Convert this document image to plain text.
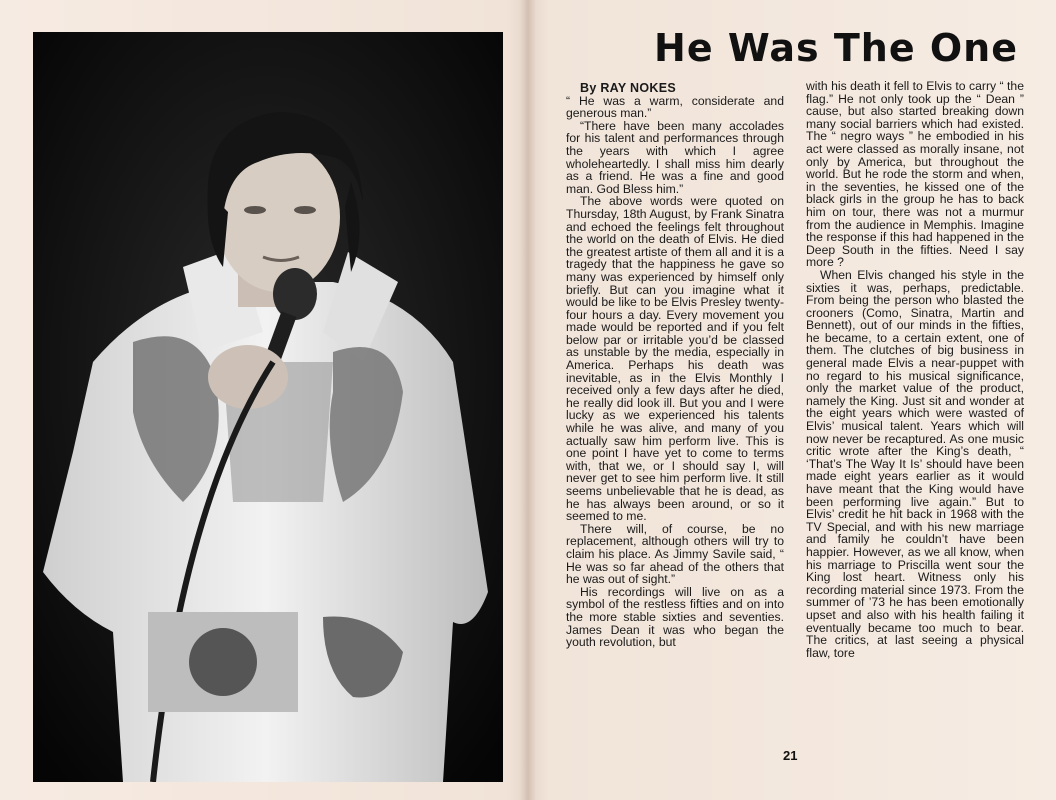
He Was The One

By RAY NOKES

“ He was a warm, considerate and generous man.”

“There have been many accolades for his talent and performances through the years with which I agree wholeheartedly. I shall miss him dearly as a friend. He was a fine and good man. God Bless him.”

The above words were quoted on Thursday, 18th August, by Frank Sinatra and echoed the feelings felt throughout the world on the death of Elvis. He died the greatest artiste of them all and it is a tragedy that the happiness he gave so many was experienced by himself only briefly. But can you imagine what it would be like to be Elvis Presley twenty-four hours a day. Every movement you made would be reported and if you felt below par or irritable you’d be classed as unstable by the media, especially in America. Perhaps his death was inevitable, as in the Elvis Monthly I received only a few days after he died, he really did look ill. But you and I were lucky as we experienced his talents while he was alive, and many of you actually saw him perform live. This is one point I have yet to come to terms with, that we, or I should say I, will never get to see him perform live. It still seems unbelievable that he is dead, as he has always been around, or so it seemed to me.

There will, of course, be no replacement, although others will try to claim his place. As Jimmy Savile said, “ He was so far ahead of the others that he was out of sight.”

His recordings will live on as a symbol of the restless fifties and on into the more stable sixties and seventies. James Dean it was who began the youth revolution, but

with his death it fell to Elvis to carry “ the flag.” He not only took up the “ Dean ” cause, but also started breaking down many social barriers which had existed. The “ negro ways ” he embodied in his act were classed as morally insane, not only by America, but throughout the world. But he rode the storm and when, in the seventies, he kissed one of the black girls in the group he has to back him on tour, there was not a murmur from the audience in Memphis. Imagine the response if this had happened in the Deep South in the fifties. Need I say more ?

When Elvis changed his style in the sixties it was, perhaps, predictable. From being the person who blasted the crooners (Como, Sinatra, Martin and Bennett), out of our minds in the fifties, he became, to a certain extent, one of them. The clutches of big business in general made Elvis a near-puppet with no regard to his musical significance, only the market value of the product, namely the King. Just sit and wonder at the eight years which were wasted of Elvis’ musical talent. Years which will now never be recaptured. As one music critic wrote after the King’s death, “ ‘That’s The Way It Is’ should have been made eight years earlier as it would have meant that the King would have been performing live again.” But to Elvis’ credit he hit back in 1968 with the TV Special, and with his new marriage and family he couldn’t have been happier. However, as we all know, when his marriage to Priscilla went sour the King lost heart. Witness only his recording material since 1973. From the summer of ’73 he has been emotionally upset and also with his health failing it eventually became too much to bear. The critics, at last seeing a physical flaw, tore

21
